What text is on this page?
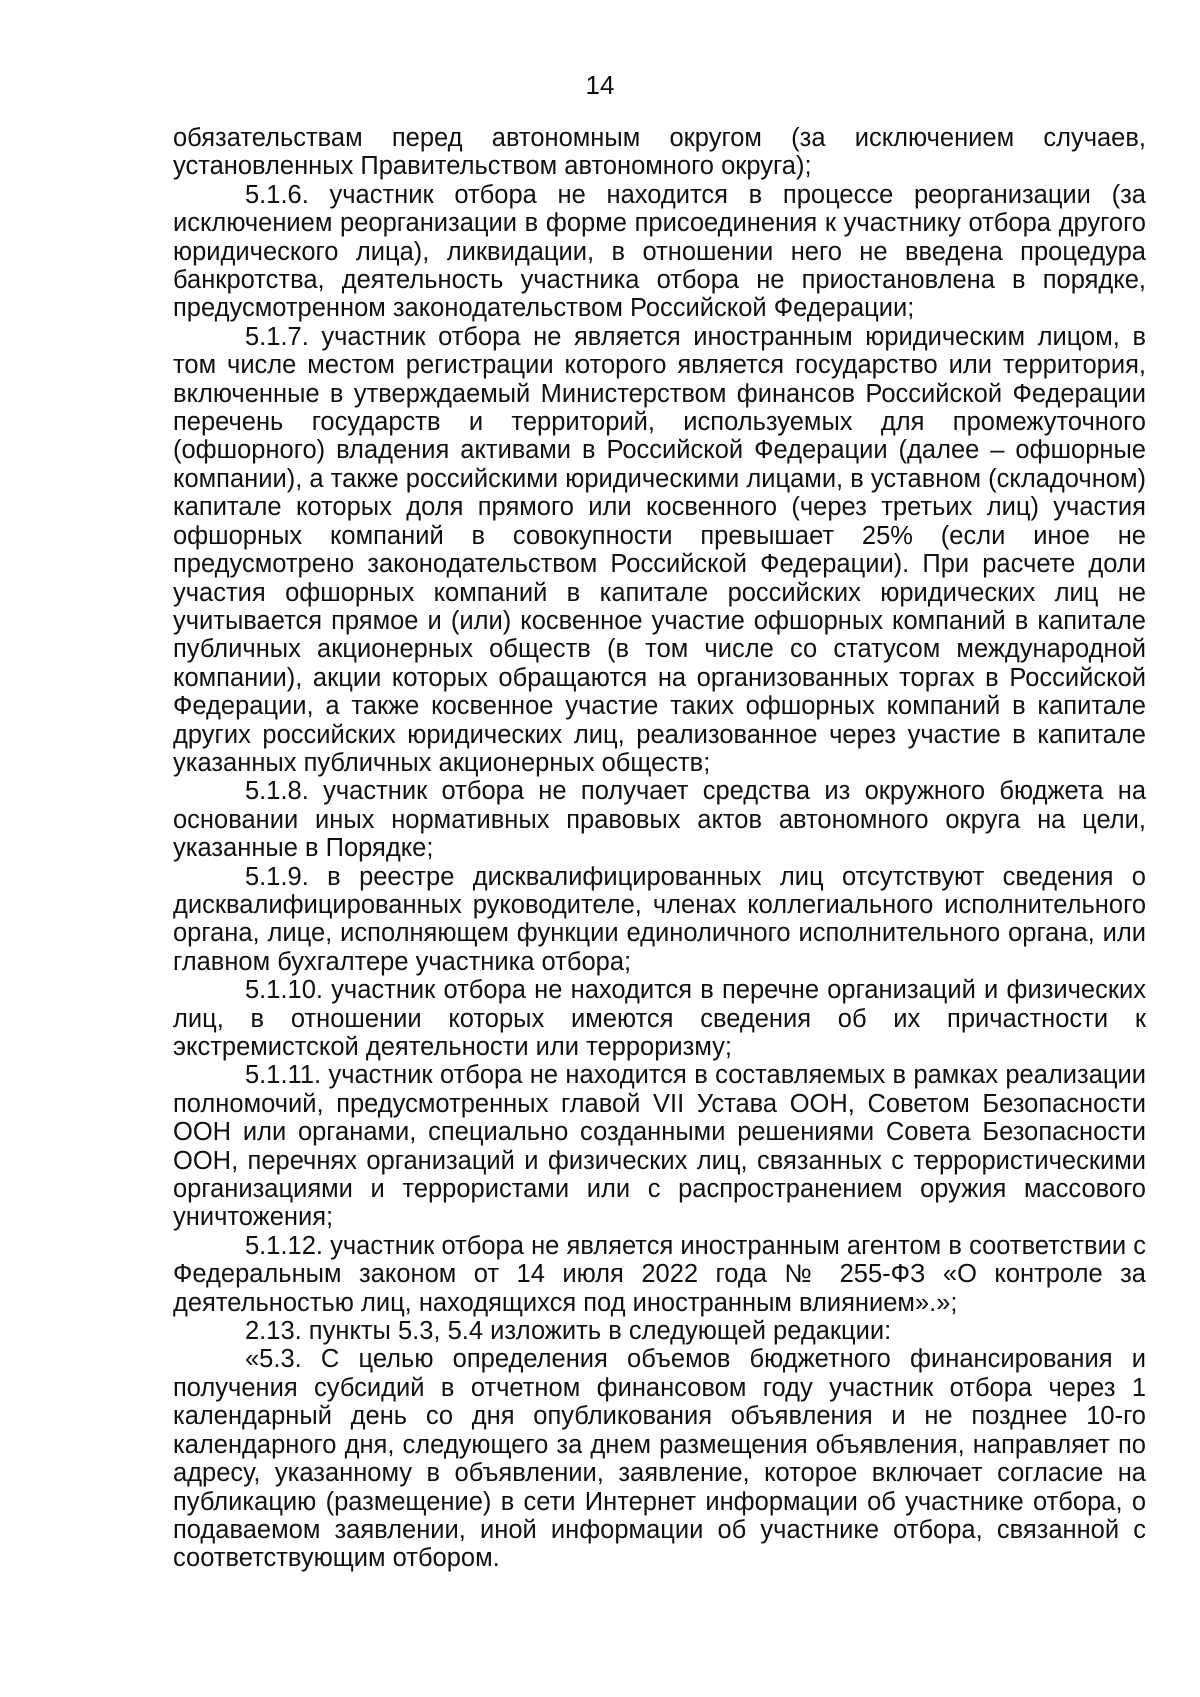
14

обязательствам перед автономным округом (за исключением случаев, установленных Правительством автономного округа);

5.1.6. участник отбора не находится в процессе реорганизации (за исключением реорганизации в форме присоединения к участнику отбора другого юридического лица), ликвидации, в отношении него не введена процедура банкротства, деятельность участника отбора не приостановлена в порядке, предусмотренном законодательством Российской Федерации;

5.1.7. участник отбора не является иностранным юридическим лицом, в том числе местом регистрации которого является государство или территория, включенные в утверждаемый Министерством финансов Российской Федерации перечень государств и территорий, используемых для промежуточного (офшорного) владения активами в Российской Федерации (далее – офшорные компании), а также российскими юридическими лицами, в уставном (складочном) капитале которых доля прямого или косвенного (через третьих лиц) участия офшорных компаний в совокупности превышает 25% (если иное не предусмотрено законодательством Российской Федерации). При расчете доли участия офшорных компаний в капитале российских юридических лиц не учитывается прямое и (или) косвенное участие офшорных компаний в капитале публичных акционерных обществ (в том числе со статусом международной компании), акции которых обращаются на организованных торгах в Российской Федерации, а также косвенное участие таких офшорных компаний в капитале других российских юридических лиц, реализованное через участие в капитале указанных публичных акционерных обществ;

5.1.8. участник отбора не получает средства из окружного бюджета на основании иных нормативных правовых актов автономного округа на цели, указанные в Порядке;

5.1.9. в реестре дисквалифицированных лиц отсутствуют сведения о дисквалифицированных руководителе, членах коллегиального исполнительного органа, лице, исполняющем функции единоличного исполнительного органа, или главном бухгалтере участника отбора;

5.1.10. участник отбора не находится в перечне организаций и физических лиц, в отношении которых имеются сведения об их причастности к экстремистской деятельности или терроризму;

5.1.11. участник отбора не находится в составляемых в рамках реализации полномочий, предусмотренных главой VII Устава ООН, Советом Безопасности ООН или органами, специально созданными решениями Совета Безопасности ООН, перечнях организаций и физических лиц, связанных с террористическими организациями и террористами или с распространением оружия массового уничтожения;

5.1.12. участник отбора не является иностранным агентом в соответствии с Федеральным законом от 14 июля 2022 года № 255-ФЗ «О контроле за деятельностью лиц, находящихся под иностранным влиянием».»;

2.13. пункты 5.3, 5.4 изложить в следующей редакции:

«5.3. С целью определения объемов бюджетного финансирования и получения субсидий в отчетном финансовом году участник отбора через 1 календарный день со дня опубликования объявления и не позднее 10-го календарного дня, следующего за днем размещения объявления, направляет по адресу, указанному в объявлении, заявление, которое включает согласие на публикацию (размещение) в сети Интернет информации об участнике отбора, о подаваемом заявлении, иной информации об участнике отбора, связанной с соответствующим отбором.
